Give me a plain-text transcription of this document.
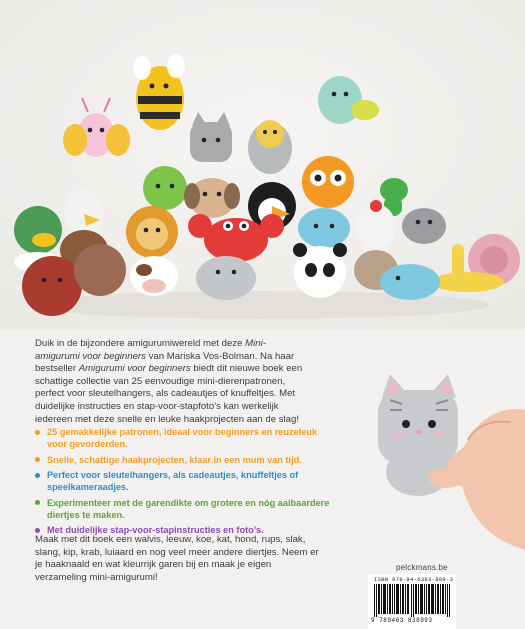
Duik in de bijzondere amigurumiwereld met deze Mini-amigurumi voor beginners van Mariska Vos-Bolman. Na haar bestseller Amigurumi voor beginners biedt dit nieuwe boek een schattige collectie van 25 eenvoudige mini-dierenpatronen, perfect voor sleutelhangers, als cadeautjes of knuffeltjes. Met duidelijke instructies en stap-voor-stapfoto’s kan werkelijk iedereen met deze snelle en leuke haakprojecten aan de slag!

25 gemakkelijke patronen, ideaal voor beginners en reuzeleuk voor gevorderden.
Snelle, schattige haakprojecten, klaar in een mum van tijd.
Perfect voor sleutelhangers, als cadeautjes, knuffeltjes of speelkameraadjes.
Experimenteer met de garendikte om grotere en nóg aaibaardere diertjes te maken.
Met duidelijke stap-voor-stapinstructies en foto’s.

Maak met dit boek een walvis, leeuw, koe, kat, hond, rups, slak, slang, kip, krab, luiaard en nog veel meer andere diertjes. Neem er je haaknaald en wat kleurrijk garen bij en maak je eigen verzameling mini-amigurumi!

pelckmans.be
ISBN 978-94-6383-899-3
9 789463 838993
